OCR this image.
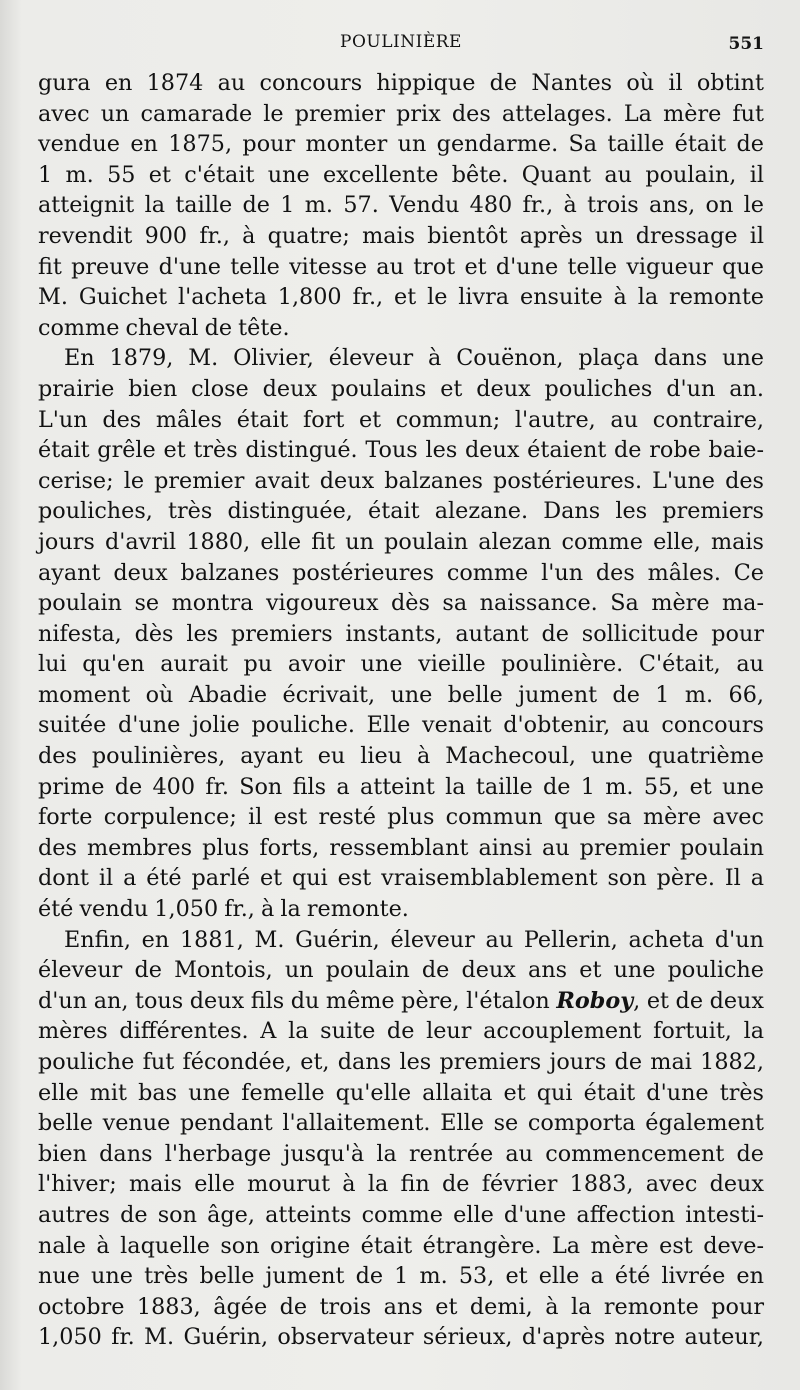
POULINIÈRE	551
gura en 1874 au concours hippique de Nantes où il obtint
avec un camarade le premier prix des attelages. La mère fut
vendue en 1875, pour monter un gendarme. Sa taille était de
1 m. 55 et c'était une excellente bête. Quant au poulain, il
atteignit la taille de 1 m. 57. Vendu 480 fr., à trois ans, on le
revendit 900 fr., à quatre; mais bientôt après un dressage il
fit preuve d'une telle vitesse au trot et d'une telle vigueur que
M. Guichet l'acheta 1,800 fr., et le livra ensuite à la remonte
comme cheval de tête.
En 1879, M. Olivier, éleveur à Couënon, plaça dans une
prairie bien close deux poulains et deux pouliches d'un an.
L'un des mâles était fort et commun; l'autre, au contraire,
était grêle et très distingué. Tous les deux étaient de robe baie-
cerise; le premier avait deux balzanes postérieures. L'une des
pouliches, très distinguée, était alezane. Dans les premiers
jours d'avril 1880, elle fit un poulain alezan comme elle, mais
ayant deux balzanes postérieures comme l'un des mâles. Ce
poulain se montra vigoureux dès sa naissance. Sa mère ma-
nifesta, dès les premiers instants, autant de sollicitude pour
lui qu'en aurait pu avoir une vieille poulinière. C'était, au
moment où Abadie écrivait, une belle jument de 1 m. 66,
suitée d'une jolie pouliche. Elle venait d'obtenir, au concours
des poulinières, ayant eu lieu à Machecoul, une quatrième
prime de 400 fr. Son fils a atteint la taille de 1 m. 55, et une
forte corpulence; il est resté plus commun que sa mère avec
des membres plus forts, ressemblant ainsi au premier poulain
dont il a été parlé et qui est vraisemblablement son père. Il a
été vendu 1,050 fr., à la remonte.
Enfin, en 1881, M. Guérin, éleveur au Pellerin, acheta d'un
éleveur de Montois, un poulain de deux ans et une pouliche
d'un an, tous deux fils du même père, l'étalon Roboy, et de deux
mères différentes. A la suite de leur accouplement fortuit, la
pouliche fut fécondée, et, dans les premiers jours de mai 1882,
elle mit bas une femelle qu'elle allaita et qui était d'une très
belle venue pendant l'allaitement. Elle se comporta également
bien dans l'herbage jusqu'à la rentrée au commencement de
l'hiver; mais elle mourut à la fin de février 1883, avec deux
autres de son âge, atteints comme elle d'une affection intesti-
nale à laquelle son origine était étrangère. La mère est deve-
nue une très belle jument de 1 m. 53, et elle a été livrée en
octobre 1883, âgée de trois ans et demi, à la remonte pour
1,050 fr. M. Guérin, observateur sérieux, d'après notre auteur,
